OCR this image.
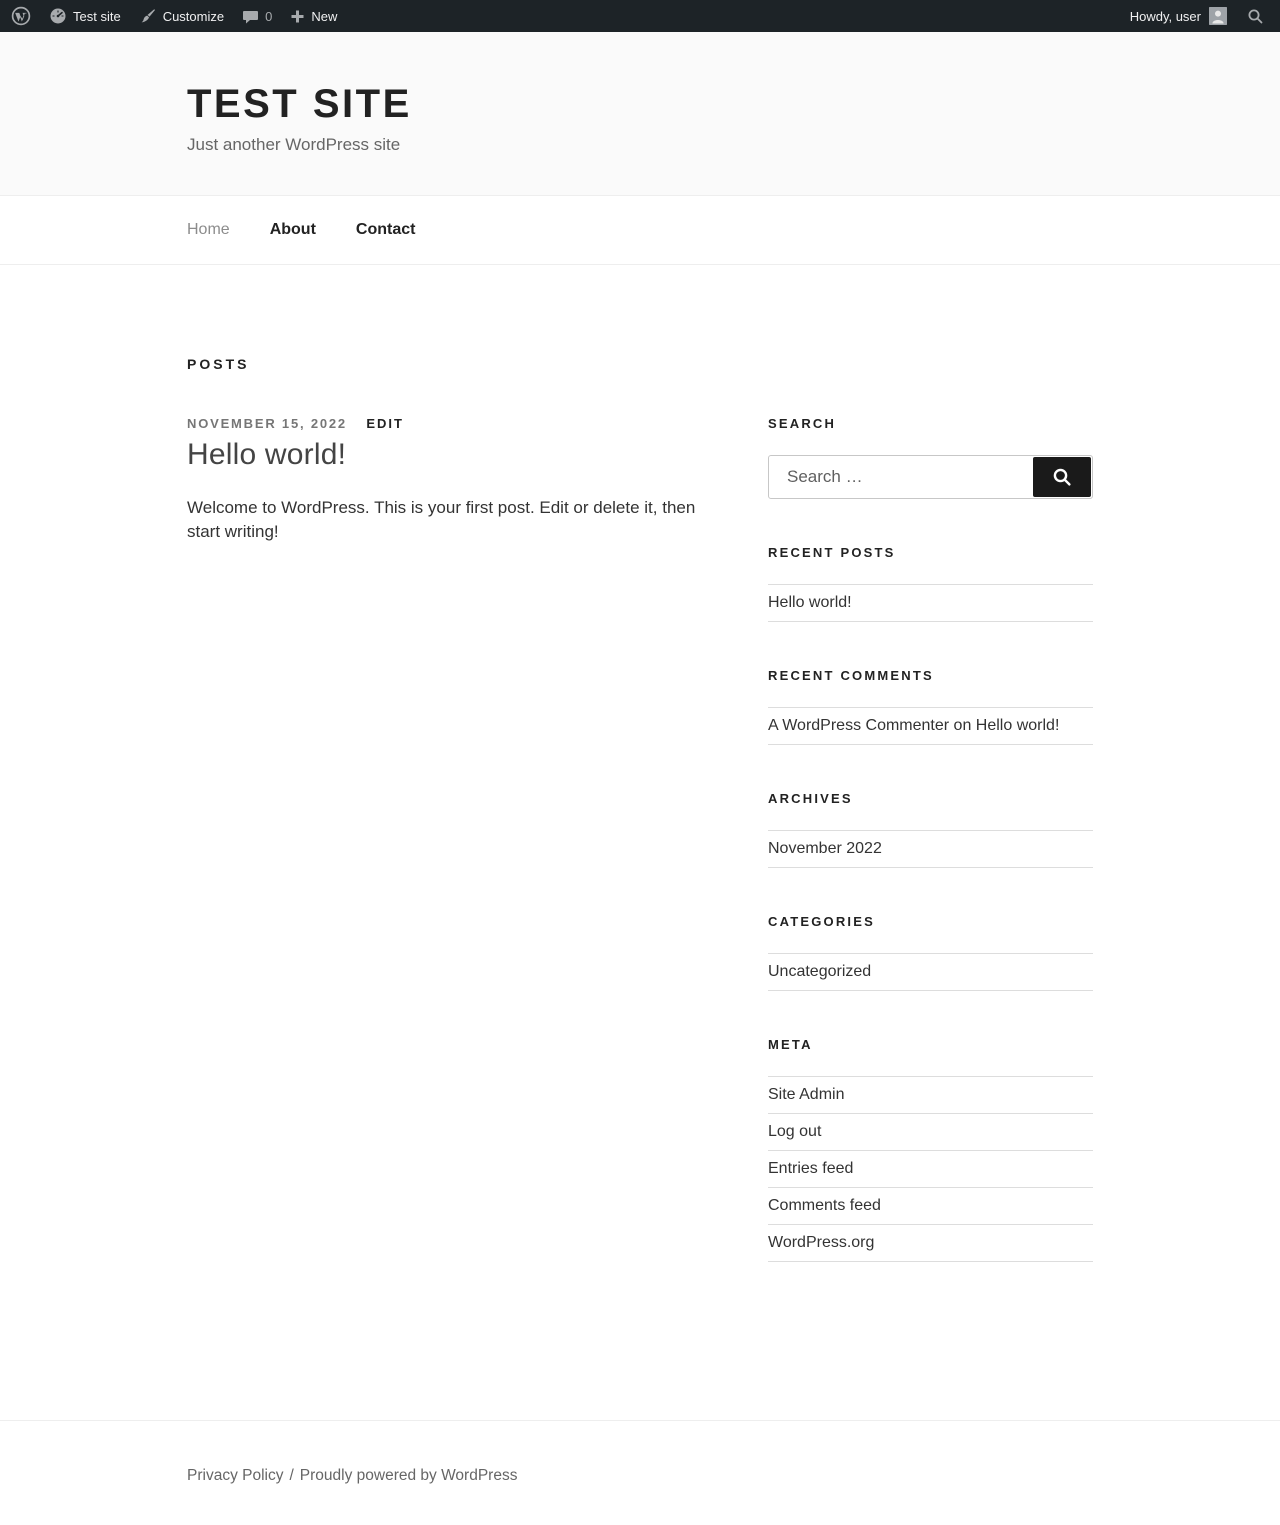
Test site	Customize	0	New	Howdy, user
TEST SITE

Just another WordPress site

Home	About	Contact
POSTS
NOVEMBER 15, 2022 EDIT
Hello world!

Welcome to WordPress. This is your first post. Edit or delete it, then start writing!

SEARCH
Search …
RECENT POSTS
Hello world!
RECENT COMMENTS
A WordPress Commenter on Hello world!
ARCHIVES
November 2022
CATEGORIES
Uncategorized
META
Site Admin
Log out
Entries feed
Comments feed
WordPress.org

Privacy Policy / Proudly powered by WordPress
